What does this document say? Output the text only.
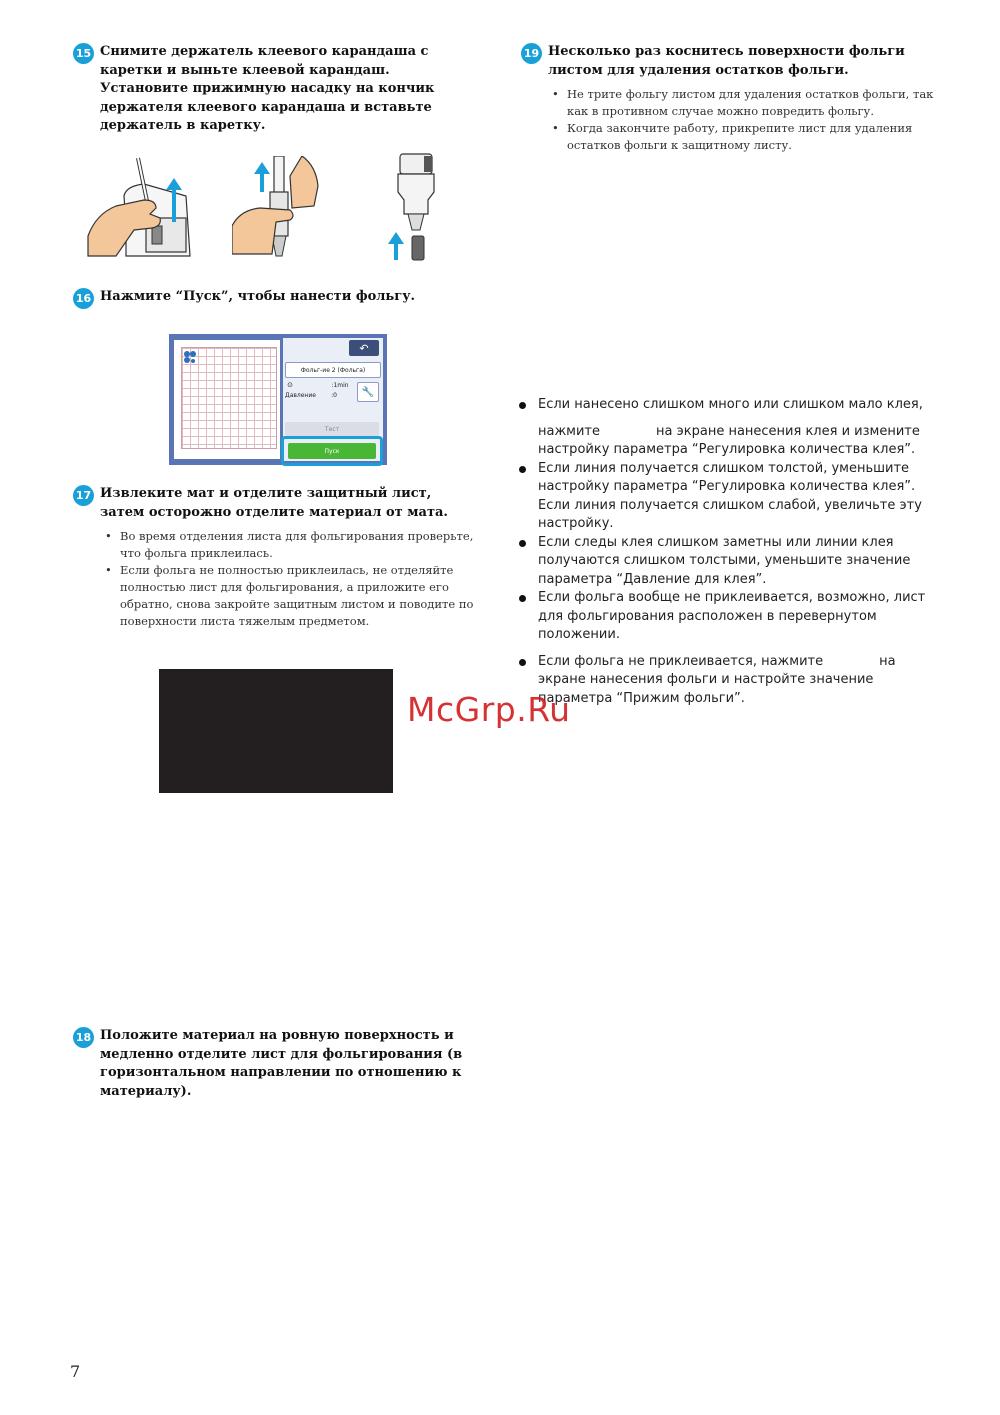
15 Снимите держатель клеевого карандаша с каретки и выньте клеевой карандаш. Установите прижимную насадку на кончик держателя клеевого карандаша и вставьте держатель в каретку.
16 Нажмите “Пуск”, чтобы нанести фольгу.
↶
Фольг-ие 2 (Фольга)
⊙	:1min
Давление	:0	🔧
Тест
Пуск
17 Извлеките мат и отделите защитный лист, затем осторожно отделите материал от мата.
• Во время отделения листа для фольгирования проверьте, что фольга приклеилась.
• Если фольга не полностью приклеилась, не отделяйте полностью лист для фольгирования, а приложите его обратно, снова закройте защитным листом и поводите по поверхности листа тяжелым предметом.
18 Положите материал на ровную поверхность и медленно отделите лист для фольгирования (в горизонтальном направлении по отношению к материалу).
19 Несколько раз коснитесь поверхности фольги листом для удаления остатков фольги.
• Не трите фольгу листом для удаления остатков фольги, так как в противном случае можно повредить фольгу.
• Когда закончите работу, прикрепите лист для удаления остатков фольги к защитному листу.
Если нанесено слишком много или слишком мало клея,
нажмите	на экране нанесения клея и измените настройку параметра “Регулировка количества клея”.
Если линия получается слишком толстой, уменьшите настройку параметра “Регулировка количества клея”. Если линия получается слишком слабой, увеличьте эту настройку.
Если следы клея слишком заметны или линии клея получаются слишком толстыми, уменьшите значение параметра “Давление для клея”.
Если фольга вообще не приклеивается, возможно, лист для фольгирования расположен в перевернутом положении.
Если фольга не приклеивается, нажмите	на экране нанесения фольги и настройте значение параметра “Прижим фольги”.
McGrp.Ru
7
